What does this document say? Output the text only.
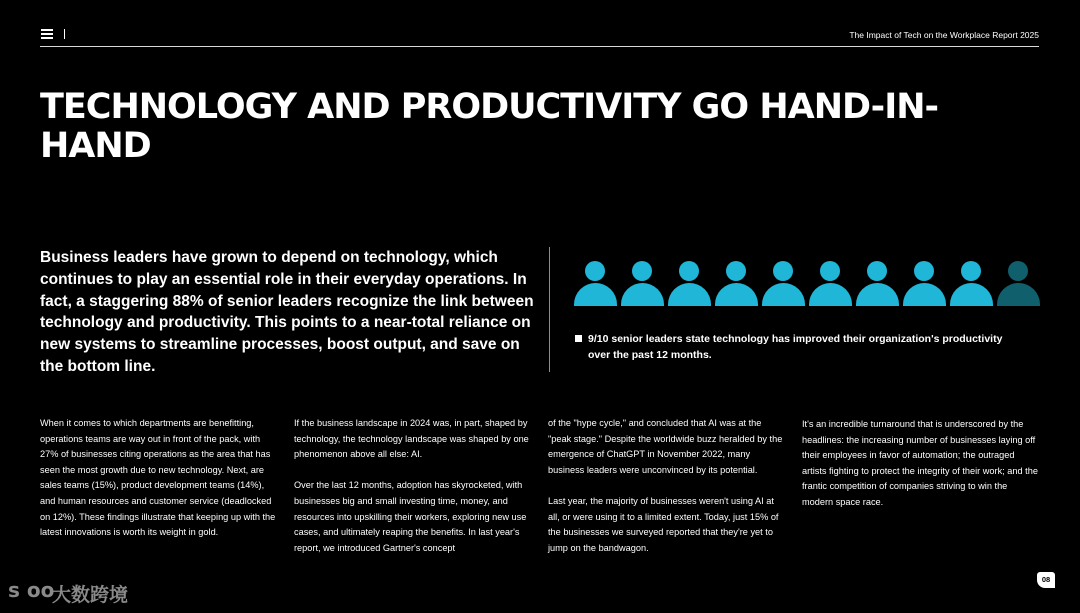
The Impact of Tech on the Workplace Report 2025
TECHNOLOGY AND PRODUCTIVITY GO HAND-IN-HAND

Business leaders have grown to depend on technology, which continues to play an essential role in their everyday operations. In fact, a staggering 88% of senior leaders recognize the link between technology and productivity. This points to a near-total reliance on new systems to streamline processes, boost output, and save on the bottom line.

9/10 senior leaders state technology has improved their organization's productivity over the past 12 months.

When it comes to which departments are benefitting, operations teams are way out in front of the pack, with 27% of businesses citing operations as the area that has seen the most growth due to new technology. Next, are sales teams (15%), product development teams (14%), and human resources and customer service (deadlocked on 12%). These findings illustrate that keeping up with the latest innovations is worth its weight in gold.

If the business landscape in 2024 was, in part, shaped by technology, the technology landscape was shaped by one phenomenon above all else: AI.

Over the last 12 months, adoption has skyrocketed, with businesses big and small investing time, money, and resources into upskilling their workers, exploring new use cases, and ultimately reaping the benefits. In last year's report, we introduced Gartner's concept

of the "hype cycle," and concluded that AI was at the "peak stage." Despite the worldwide buzz heralded by the emergence of ChatGPT in November 2022, many business leaders were unconvinced by its potential.

Last year, the majority of businesses weren't using AI at all, or were using it to a limited extent. Today, just 15% of the businesses we surveyed reported that they're yet to jump on the bandwagon.

It's an incredible turnaround that is underscored by the headlines: the increasing number of businesses laying off their employees in favor of automation; the outraged artists fighting to protect the integrity of their work; and the frantic competition of companies striving to win the modern space race.

ꜱ ᴏᴏ
大数跨境
08
